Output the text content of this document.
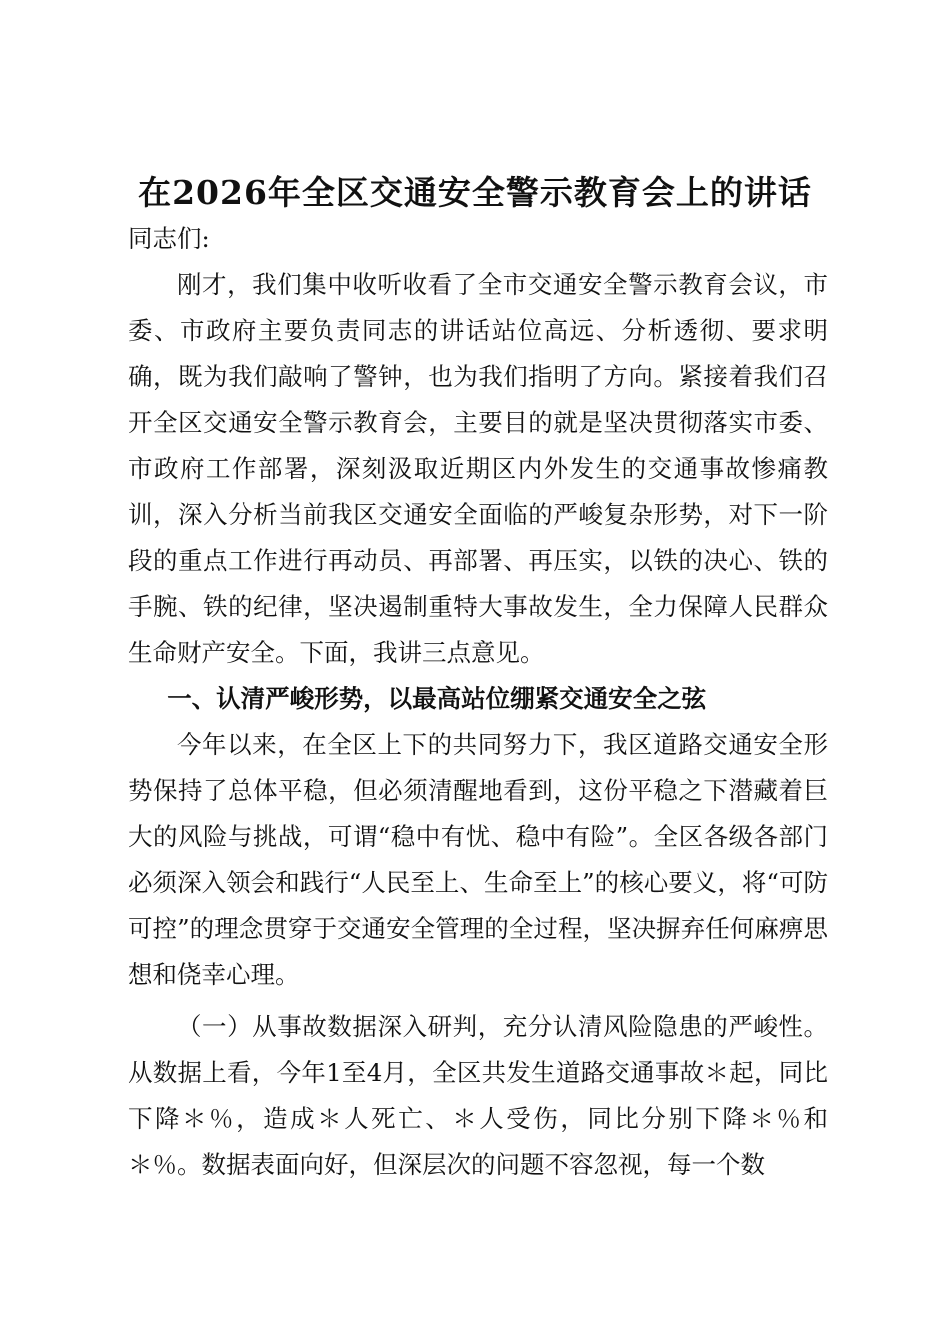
在2026年全区交通安全警示教育会上的讲话

同志们:

刚才，我们集中收听收看了全市交通安全警示教育会议，市委、市政府主要负责同志的讲话站位高远、分析透彻、要求明确，既为我们敲响了警钟，也为我们指明了方向。紧接着我们召开全区交通安全警示教育会，主要目的就是坚决贯彻落实市委、市政府工作部署，深刻汲取近期区内外发生的交通事故惨痛教训，深入分析当前我区交通安全面临的严峻复杂形势，对下一阶段的重点工作进行再动员、再部署、再压实，以铁的决心、铁的手腕、铁的纪律，坚决遏制重特大事故发生，全力保障人民群众生命财产安全。下面，我讲三点意见。

一、认清严峻形势，以最高站位绷紧交通安全之弦

今年以来，在全区上下的共同努力下，我区道路交通安全形势保持了总体平稳，但必须清醒地看到，这份平稳之下潜藏着巨大的风险与挑战，可谓“稳中有忧、稳中有险”。全区各级各部门必须深入领会和践行“人民至上、生命至上”的核心要义，将“可防可控”的理念贯穿于交通安全管理的全过程，坚决摒弃任何麻痹思想和侥幸心理。

（一）从事故数据深入研判，充分认清风险隐患的严峻性。从数据上看，今年1至4月，全区共发生道路交通事故＊起，同比下降＊％，造成＊人死亡、＊人受伤，同比分别下降＊％和＊％。数据表面向好，但深层次的问题不容忽视，每一个数
